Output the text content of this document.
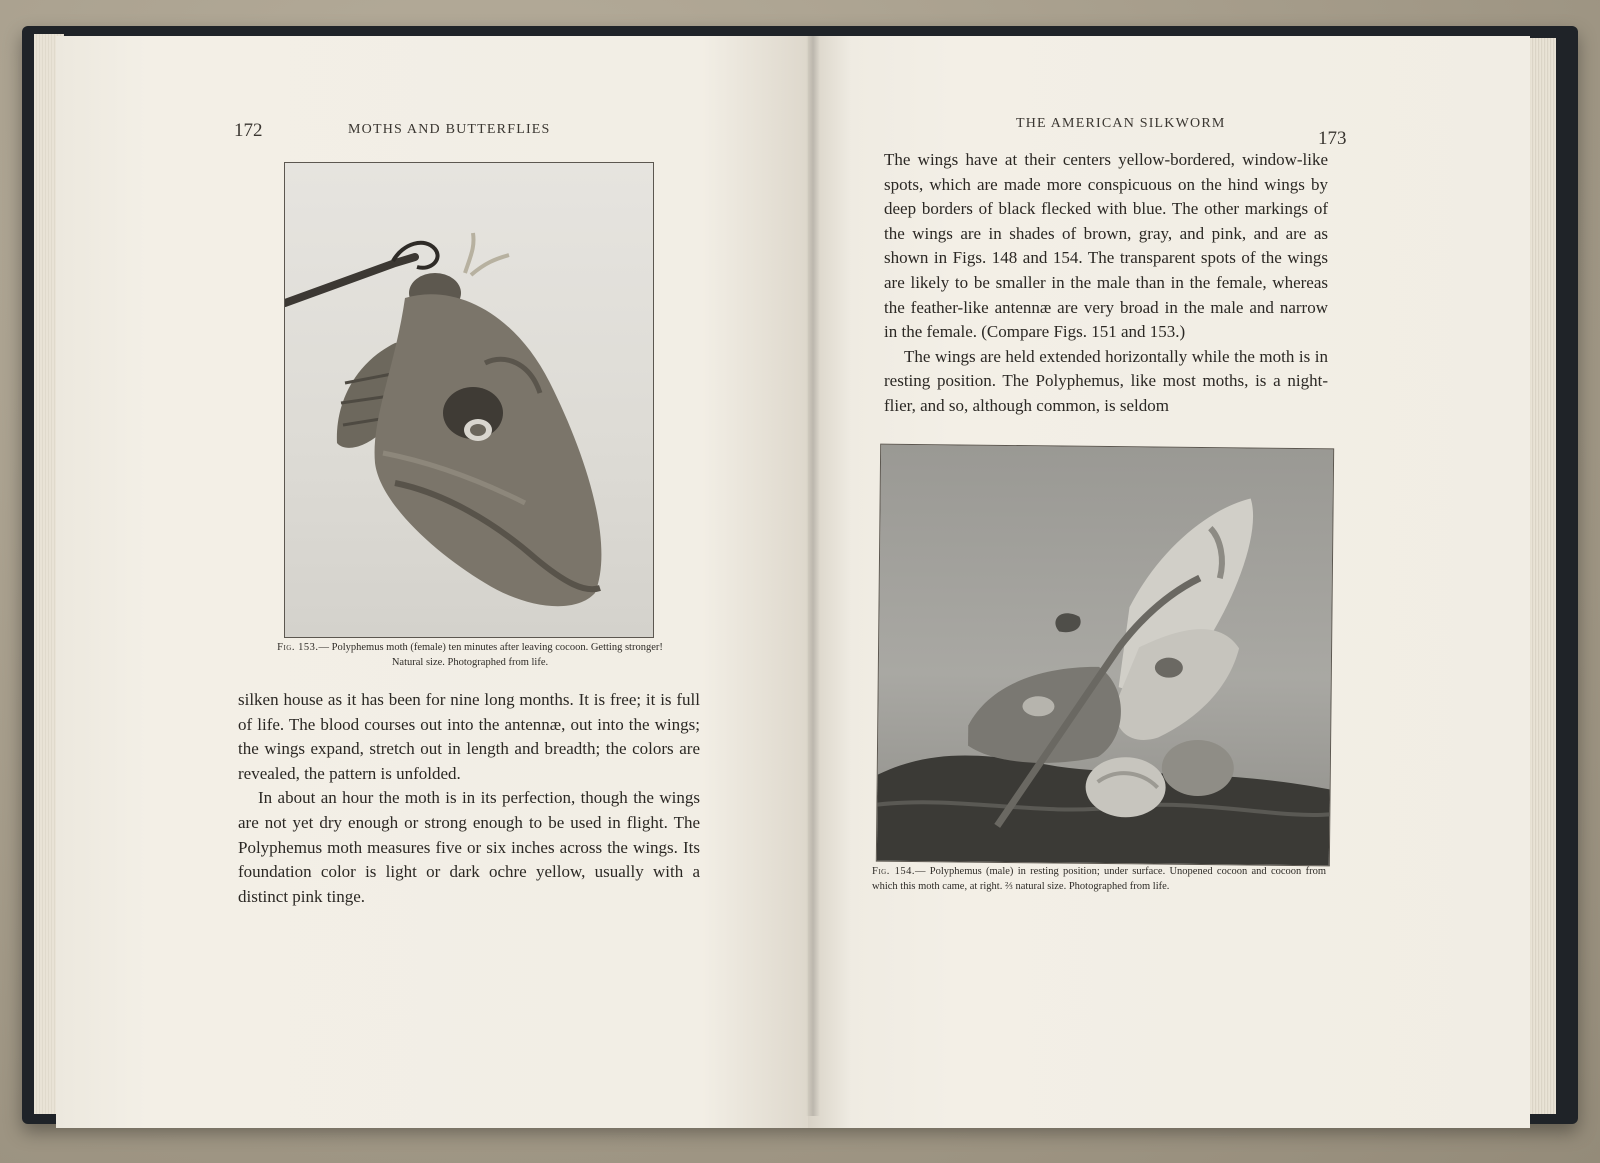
172	MOTHS AND BUTTERFLIES
Fig. 153.— Polyphemus moth (female) ten minutes after leaving cocoon. Getting stronger! Natural size. Photographed from life.

silken house as it has been for nine long months. It is free; it is full of life. The blood courses out into the antennæ, out into the wings; the wings expand, stretch out in length and breadth; the colors are revealed, the pattern is unfolded.

In about an hour the moth is in its perfection, though the wings are not yet dry enough or strong enough to be used in flight. The Polyphemus moth measures five or six inches across the wings. Its foundation color is light or dark ochre yellow, usually with a distinct pink tinge.

THE AMERICAN SILKWORM
173

The wings have at their centers yellow-bordered, window-like spots, which are made more conspicuous on the hind wings by deep borders of black flecked with blue. The other markings of the wings are in shades of brown, gray, and pink, and are as shown in Figs. 148 and 154. The transparent spots of the wings are likely to be smaller in the male than in the female, whereas the feather-like antennæ are very broad in the male and narrow in the female. (Compare Figs. 151 and 153.)

The wings are held extended horizontally while the moth is in resting position. The Polyphemus, like most moths, is a night-flier, and so, although common, is seldom

Fig. 154.— Polyphemus (male) in resting position; under surface. Unopened cocoon and cocoon from which this moth came, at right. ⅔ natural size. Photographed from life.
